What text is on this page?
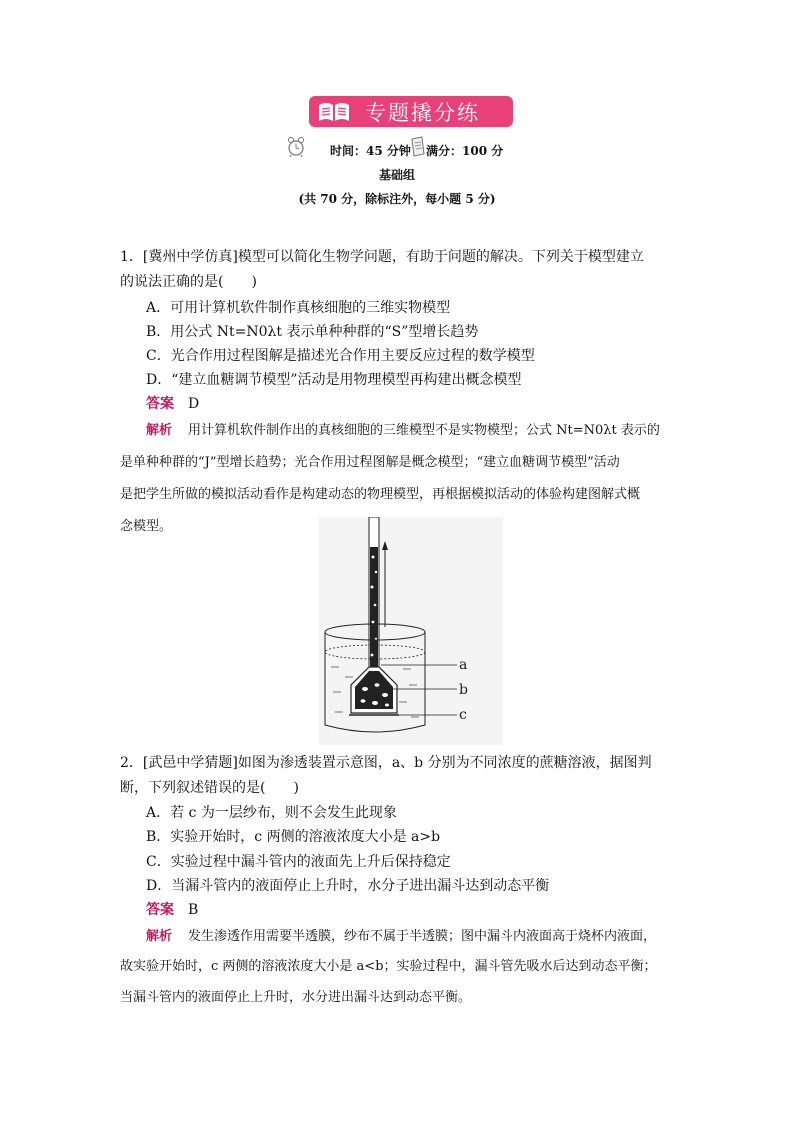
专题撬分练
时间：45 分钟 满分：100 分
基础组
(共 70 分，除标注外，每小题 5 分)
1．[冀州中学仿真]模型可以简化生物学问题，有助于问题的解决。下列关于模型建立
的说法正确的是(　　)
A．可用计算机软件制作真核细胞的三维实物模型
B．用公式 Nt=N0λt 表示单种种群的“S”型增长趋势
C．光合作用过程图解是描述光合作用主要反应过程的数学模型
D．“建立血糖调节模型”活动是用物理模型再构建出概念模型
答案 D
解析 用计算机软件制作出的真核细胞的三维模型不是实物模型；公式 Nt=N0λt 表示的
是单种种群的“J”型增长趋势；光合作用过程图解是概念模型；“建立血糖调节模型”活动
是把学生所做的模拟活动看作是构建动态的物理模型，再根据模拟活动的体验构建图解式概
念模型。
a
b
c
2．[武邑中学猜题]如图为渗透装置示意图，a、b 分别为不同浓度的蔗糖溶液，据图判
断，下列叙述错误的是(　　)
A．若 c 为一层纱布，则不会发生此现象
B．实验开始时，c 两侧的溶液浓度大小是 a>b
C．实验过程中漏斗管内的液面先上升后保持稳定
D．当漏斗管内的液面停止上升时，水分子进出漏斗达到动态平衡
答案 B
解析 发生渗透作用需要半透膜，纱布不属于半透膜；图中漏斗内液面高于烧杯内液面，
故实验开始时，c 两侧的溶液浓度大小是 a<b；实验过程中，漏斗管先吸水后达到动态平衡；
当漏斗管内的液面停止上升时，水分进出漏斗达到动态平衡。
